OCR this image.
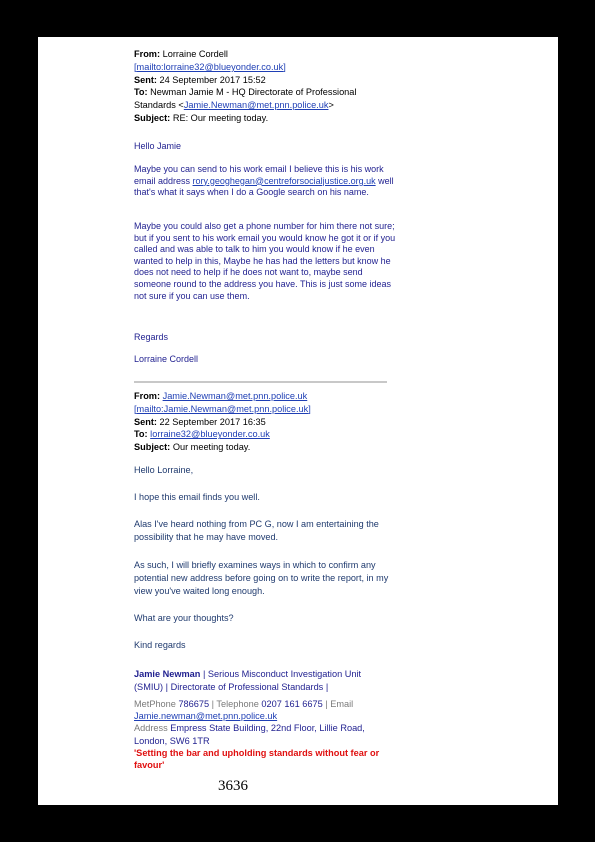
From: Lorraine Cordell

[mailto:lorraine32@blueyonder.co.uk]

Sent: 24 September 2017 15:52

To: Newman Jamie M - HQ Directorate of Professional Standards <Jamie.Newman@met.pnn.police.uk>

Subject: RE: Our meeting today.

Hello Jamie
Maybe you can send to his work email I believe this is his work email address rory.geoghegan@centreforsocialjustice.org.uk well that's what it says when I do a Google search on his name.
Maybe you could also get a phone number for him there not sure; but if you sent to his work email you would know he got it or if you called and was able to talk to him you would know if he even wanted to help in this, Maybe he has had the letters but know he does not need to help if he does not want to, maybe send someone round to the address you have. This is just some ideas not sure if you can use them.
Regards
Lorraine Cordell

From: Jamie.Newman@met.pnn.police.uk

[mailto:Jamie.Newman@met.pnn.police.uk]

Sent: 22 September 2017 16:35

To: lorraine32@blueyonder.co.uk

Subject: Our meeting today.

Hello Lorraine,
I hope this email finds you well.
Alas I've heard nothing from PC G, now I am entertaining the possibility that he may have moved.
As such, I will briefly examines ways in which to confirm any potential new address before going on to write the report, in my view you've waited long enough.
What are your thoughts?
Kind regards

Jamie Newman | Serious Misconduct Investigation Unit (SMIU) | Directorate of Professional Standards |

MetPhone 786675 | Telephone 0207 161 6675 | Email

Jamie.newman@met.pnn.police.uk

Address Empress State Building, 22nd Floor, Lillie Road, London, SW6 1TR

'Setting the bar and upholding standards without fear or favour'

3636
